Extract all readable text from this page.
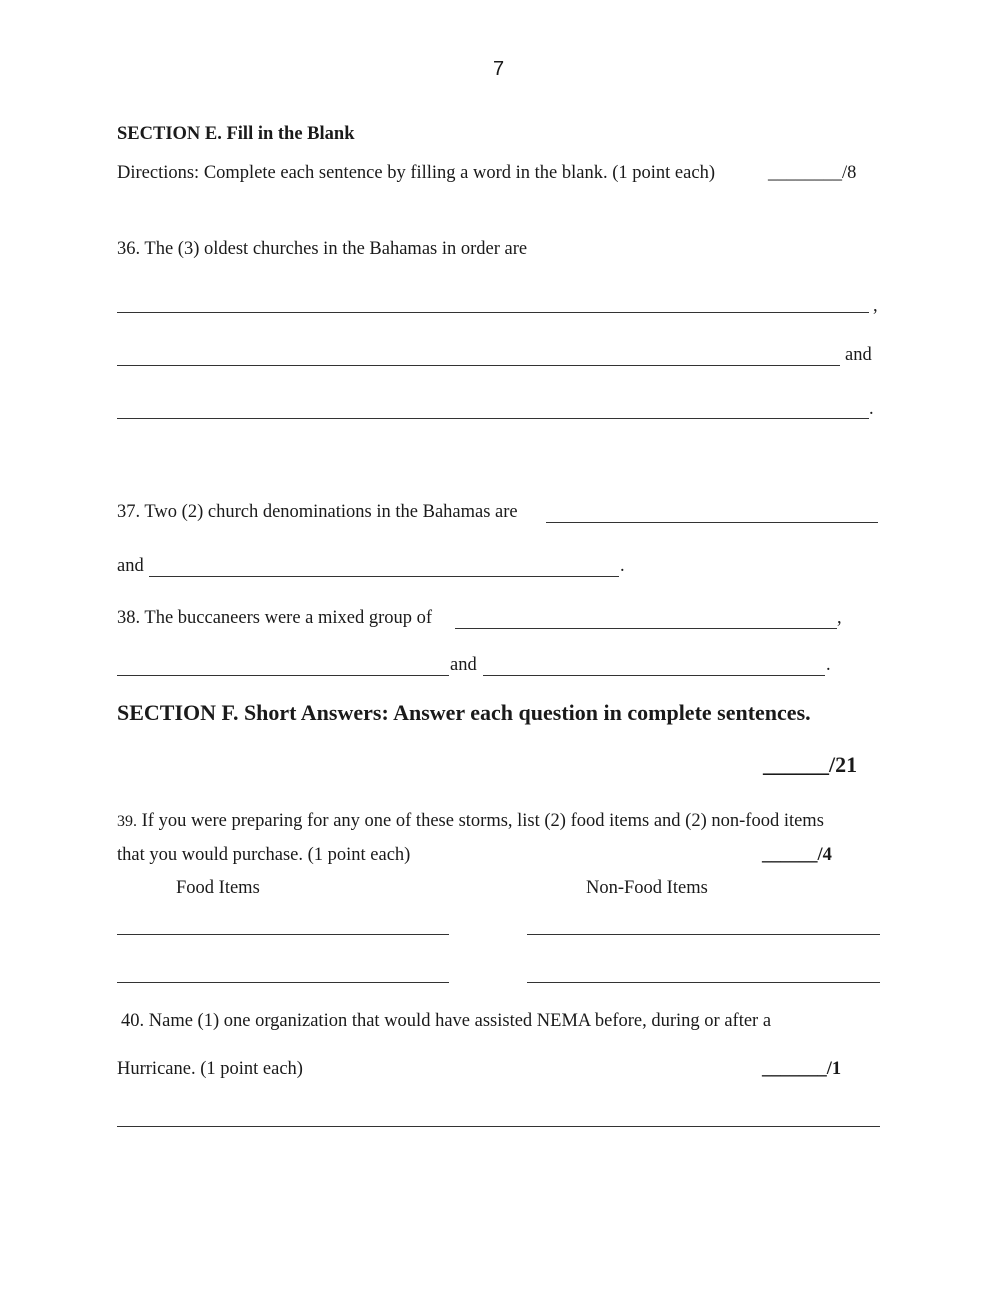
7
SECTION E. Fill in the Blank
Directions: Complete each sentence by filling a word in the blank. (1 point each)	________/8
36. The (3) oldest churches in the Bahamas in order are
,
and
.
37. Two (2) church denominations in the Bahamas are
and	.
38. The buccaneers were a mixed group of	,
and	.
SECTION F. Short Answers: Answer each question in complete sentences.
______/21
39. If you were preparing for any one of these storms, list (2) food items and (2) non-food items
that you would purchase. (1 point each)	______/4
Food Items	Non-Food Items
40. Name (1) one organization that would have assisted NEMA before, during or after a
Hurricane. (1 point each)	_______/1
